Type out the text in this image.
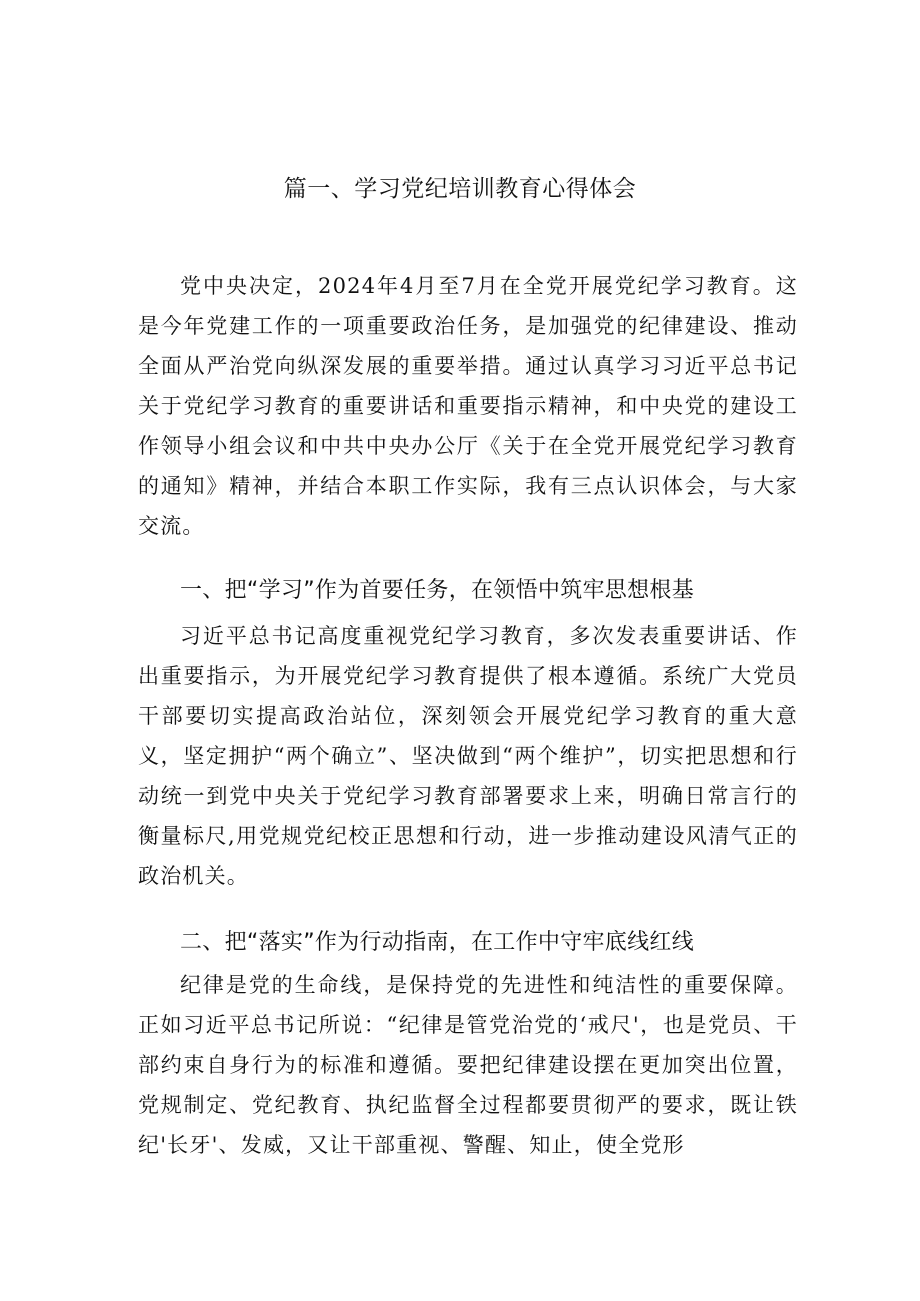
篇一、学习党纪培训教育心得体会

党中央决定，2024年4月至7月在全党开展党纪学习教育。这是今年党建工作的一项重要政治任务，是加强党的纪律建设、推动全面从严治党向纵深发展的重要举措。通过认真学习习近平总书记关于党纪学习教育的重要讲话和重要指示精神，和中央党的建设工作领导小组会议和中共中央办公厅《关于在全党开展党纪学习教育的通知》精神，并结合本职工作实际，我有三点认识体会，与大家交流。

一、把“学习”作为首要任务，在领悟中筑牢思想根基

习近平总书记高度重视党纪学习教育，多次发表重要讲话、作出重要指示，为开展党纪学习教育提供了根本遵循。系统广大党员干部要切实提高政治站位，深刻领会开展党纪学习教育的重大意义，坚定拥护“两个确立”、坚决做到“两个维护”，切实把思想和行动统一到党中央关于党纪学习教育部署要求上来，明确日常言行的衡量标尺,用党规党纪校正思想和行动，进一步推动建设风清气正的政治机关。

二、把“落实”作为行动指南，在工作中守牢底线红线

纪律是党的生命线，是保持党的先进性和纯洁性的重要保障。正如习近平总书记所说：“纪律是管党治党的‘戒尺'，也是党员、干部约束自身行为的标准和遵循。要把纪律建设摆在更加突出位置，党规制定、党纪教育、执纪监督全过程都要贯彻严的要求，既让铁纪'长牙'、发威，又让干部重视、警醒、知止，使全党形
